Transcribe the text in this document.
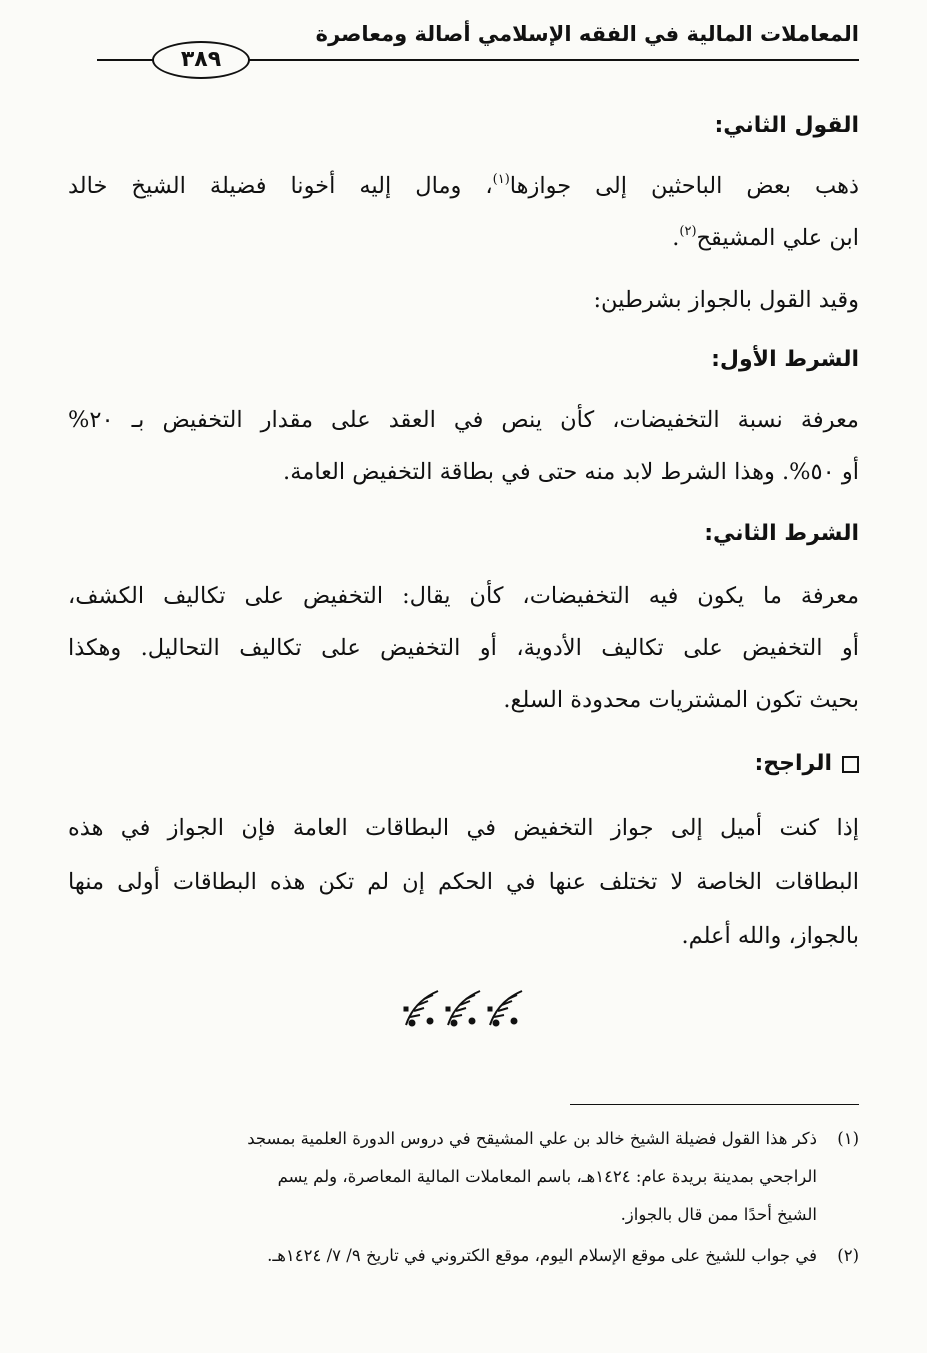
المعاملات المالية في الفقه الإسلامي أصالة ومعاصرة
٣٨٩
القول الثاني:
ذهب بعض الباحثين إلى جوازها$^{(١)}$، ومال إليه أخونا فضيلة الشيخ خالد
ابن علي المشيقح$^{(٢)}$.
وقيد القول بالجواز بشرطين:
الشرط الأول:
معرفة نسبة التخفيضات، كأن ينص في العقد على مقدار التخفيض بـ ٢٠%
أو ٥٠%. وهذا الشرط لابد منه حتى في بطاقة التخفيض العامة.
الشرط الثاني:
معرفة ما يكون فيه التخفيضات، كأن يقال: التخفيض على تكاليف الكشف،
أو التخفيض على تكاليف الأدوية، أو التخفيض على تكاليف التحاليل. وهكذا
بحيث تكون المشتريات محدودة السلع.
الراجح:
إذا كنت أميل إلى جواز التخفيض في البطاقات العامة فإن الجواز في هذه
البطاقات الخاصة لا تختلف عنها في الحكم إن لم تكن هذه البطاقات أولى منها
بالجواز، والله أعلم.
(١)ذكر هذا القول فضيلة الشيخ خالد بن علي المشيقح في دروس الدورة العلمية بمسجد
الراجحي بمدينة بريدة عام: ١٤٢٤هـ، باسم المعاملات المالية المعاصرة، ولم يسم
الشيخ أحدًا ممن قال بالجواز.
(٢)في جواب للشيخ على موقع الإسلام اليوم، موقع الكتروني في تاريخ ٩/ ٧/ ١٤٢٤هـ.
